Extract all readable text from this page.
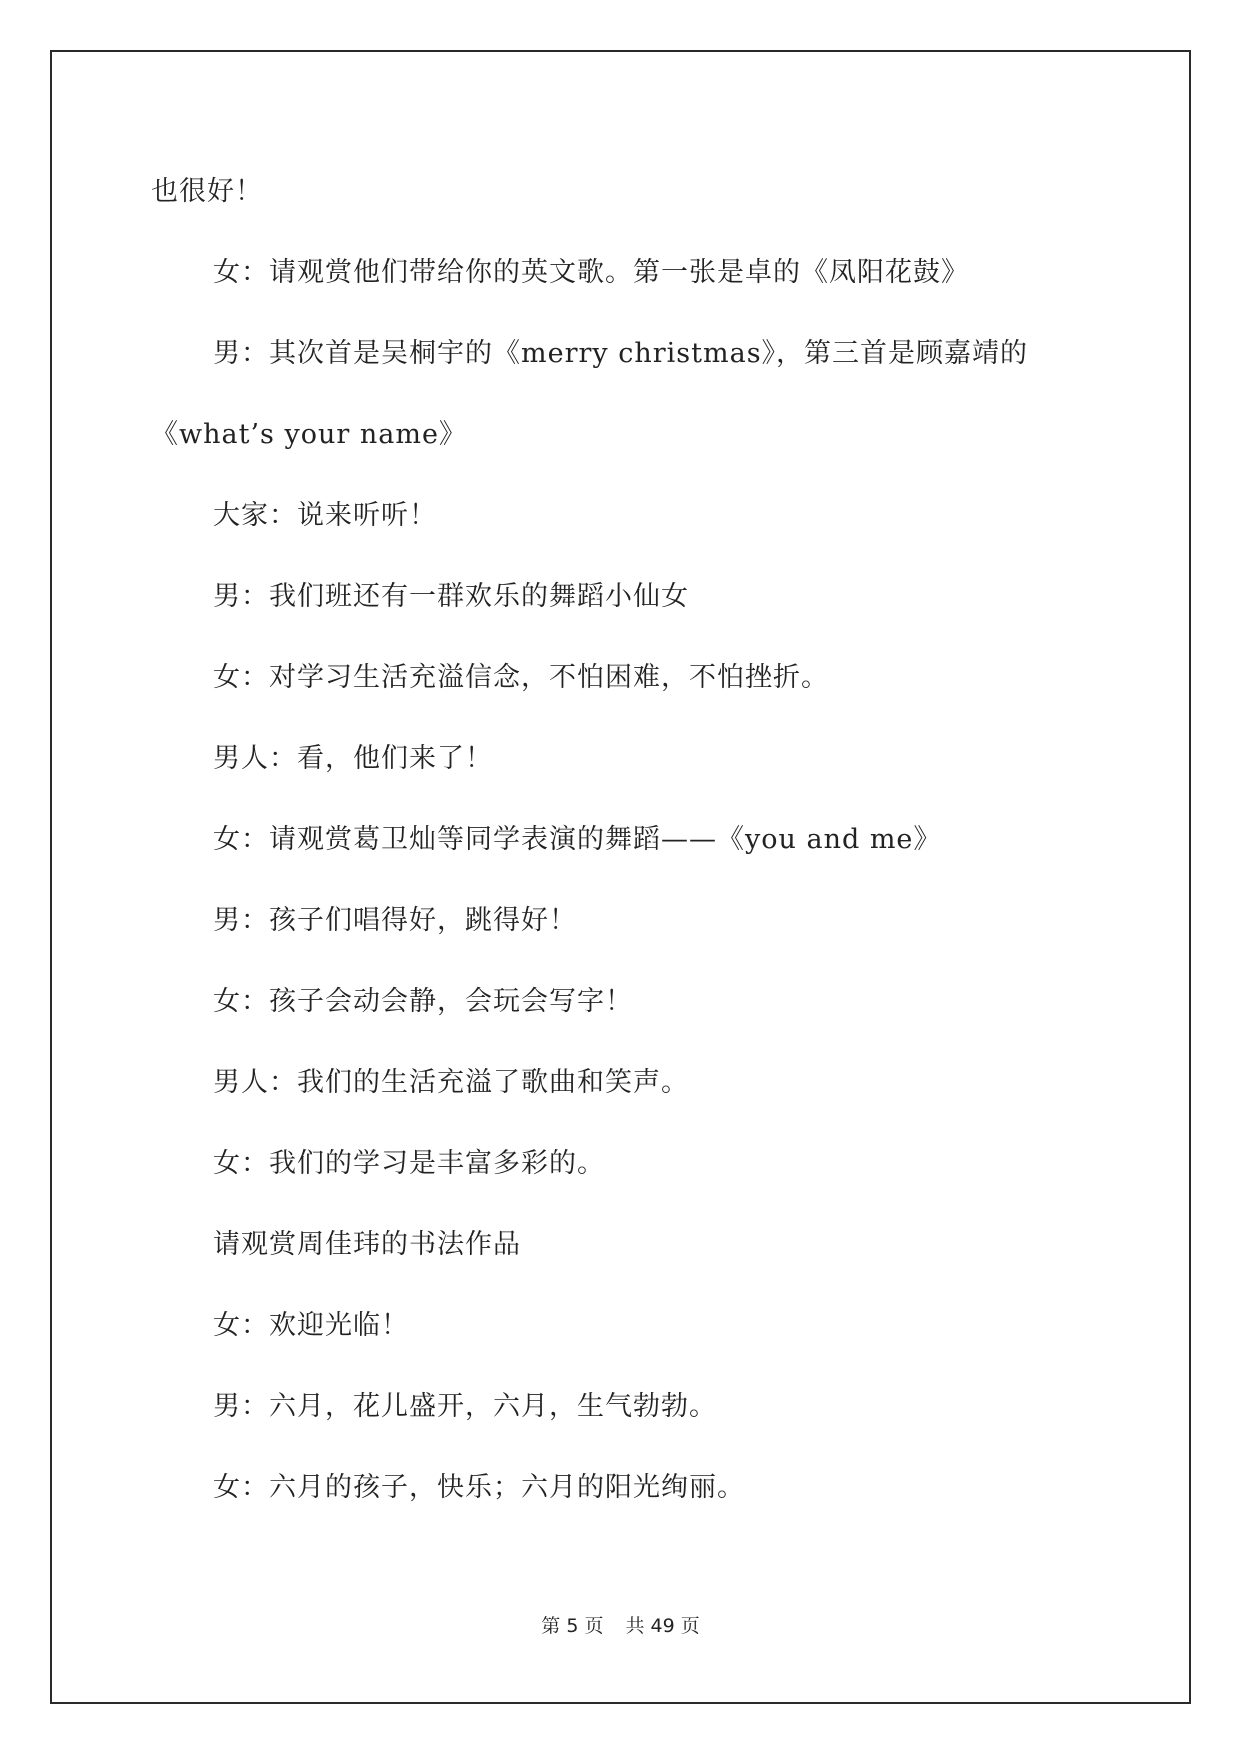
也很好！
女：请观赏他们带给你的英文歌。第一张是卓的《凤阳花鼓》
男：其次首是吴桐宇的《merry christmas》，第三首是顾嘉靖的
《what’s your name》
大家：说来听听！
男：我们班还有一群欢乐的舞蹈小仙女
女：对学习生活充溢信念，不怕困难，不怕挫折。
男人：看，他们来了！
女：请观赏葛卫灿等同学表演的舞蹈——《you and me》
男：孩子们唱得好，跳得好！
女：孩子会动会静，会玩会写字！
男人：我们的生活充溢了歌曲和笑声。
女：我们的学习是丰富多彩的。
请观赏周佳玮的书法作品
女：欢迎光临！
男：六月，花儿盛开，六月，生气勃勃。
女：六月的孩子，快乐；六月的阳光绚丽。
第 5 页 共 49 页
